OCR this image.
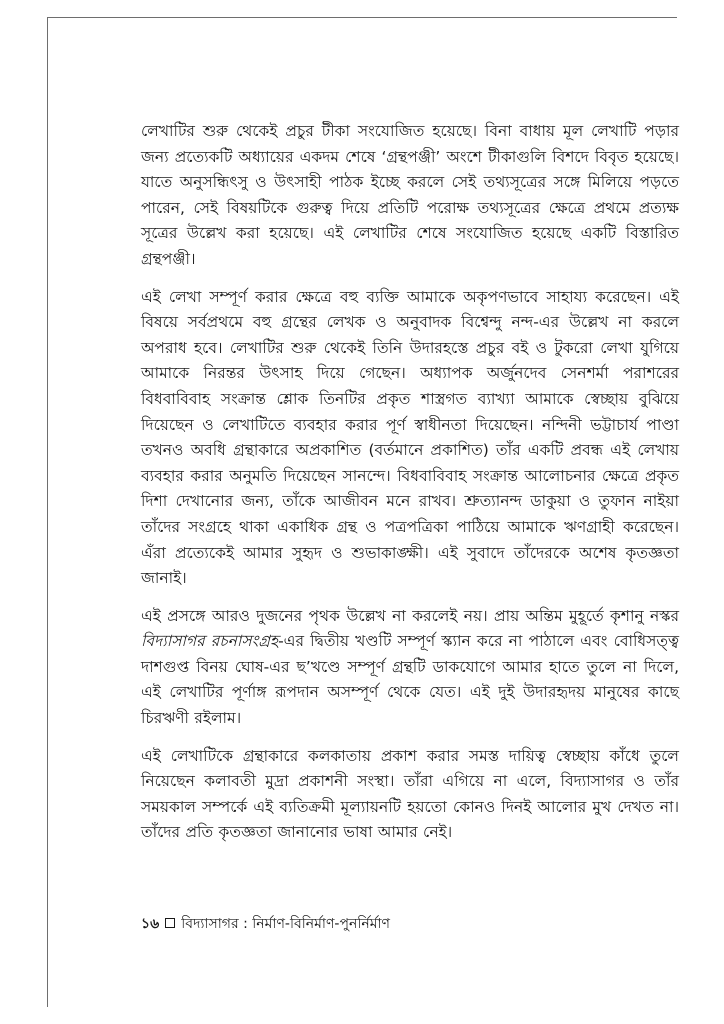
লেখাটির শুরু থেকেই প্রচুর টীকা সংযোজিত হয়েছে। বিনা বাধায় মূল লেখাটি পড়ার জন্য প্রত্যেকটি অধ্যায়ের একদম শেষে ‘গ্রন্থপঞ্জী’ অংশে টীকাগুলি বিশদে বিবৃত হয়েছে। যাতে অনুসন্ধিৎসু ও উৎসাহী পাঠক ইচ্ছে করলে সেই তথ্যসূত্রের সঙ্গে মিলিয়ে পড়তে পারেন, সেই বিষয়টিকে গুরুত্ব দিয়ে প্রতিটি পরোক্ষ তথ্যসূত্রের ক্ষেত্রে প্রথমে প্রত্যক্ষ সূত্রের উল্লেখ করা হয়েছে। এই লেখাটির শেষে সংযোজিত হয়েছে একটি বিস্তারিত গ্রন্থপঞ্জী।

এই লেখা সম্পূর্ণ করার ক্ষেত্রে বহু ব্যক্তি আমাকে অকৃপণভাবে সাহায্য করেছেন। এই বিষয়ে সর্বপ্রথমে বহু গ্রন্থের লেখক ও অনুবাদক বিশ্বেন্দু নন্দ-এর উল্লেখ না করলে অপরাধ হবে। লেখাটির শুরু থেকেই তিনি উদারহস্তে প্রচুর বই ও টুকরো লেখা যুগিয়ে আমাকে নিরন্তর উৎসাহ দিয়ে গেছেন। অধ্যাপক অর্জুনদেব সেনশর্মা পরাশরের বিধবাবিবাহ সংক্রান্ত শ্লোক তিনটির প্রকৃত শাস্ত্রগত ব্যাখ্যা আমাকে স্বেচ্ছায় বুঝিয়ে দিয়েছেন ও লেখাটিতে ব্যবহার করার পূর্ণ স্বাধীনতা দিয়েছেন। নন্দিনী ভট্টাচার্য পাণ্ডা তখনও অবধি গ্রন্থাকারে অপ্রকাশিত (বর্তমানে প্রকাশিত) তাঁর একটি প্রবন্ধ এই লেখায় ব্যবহার করার অনুমতি দিয়েছেন সানন্দে। বিধবাবিবাহ সংক্রান্ত আলোচনার ক্ষেত্রে প্রকৃত দিশা দেখানোর জন্য, তাঁকে আজীবন মনে রাখব। শ্রুত্যানন্দ ডাকুয়া ও তুফান নাইয়া তাঁদের সংগ্রহে থাকা একাধিক গ্রন্থ ও পত্রপত্রিকা পাঠিয়ে আমাকে ঋণগ্রাহী করেছেন। এঁরা প্রত্যেকেই আমার সুহৃদ ও শুভাকাঙ্ক্ষী। এই সুবাদে তাঁদেরকে অশেষ কৃতজ্ঞতা জানাই।

এই প্রসঙ্গে আরও দুজনের পৃথক উল্লেখ না করলেই নয়। প্রায় অন্তিম মুহূর্তে কৃশানু নস্কর বিদ্যাসাগর রচনাসংগ্রহ-এর দ্বিতীয় খণ্ডটি সম্পূর্ণ স্ক্যান করে না পাঠালে এবং বোধিসত্ত্ব দাশগুপ্ত বিনয় ঘোষ-এর ছ’খণ্ডে সম্পূর্ণ গ্রন্থটি ডাকযোগে আমার হাতে তুলে না দিলে, এই লেখাটির পূর্ণাঙ্গ রূপদান অসম্পূর্ণ থেকে যেত। এই দুই উদারহৃদয় মানুষের কাছে চিরঋণী রইলাম।

এই লেখাটিকে গ্রন্থাকারে কলকাতায় প্রকাশ করার সমস্ত দায়িত্ব স্বেচ্ছায় কাঁধে তুলে নিয়েছেন কলাবতী মুদ্রা প্রকাশনী সংস্থা। তাঁরা এগিয়ে না এলে, বিদ্যাসাগর ও তাঁর সময়কাল সম্পর্কে এই ব্যতিক্রমী মূল্যায়নটি হয়তো কোনও দিনই আলোর মুখ দেখত না। তাঁদের প্রতি কৃতজ্ঞতা জানানোর ভাষা আমার নেই।

১৬ বিদ্যাসাগর : নির্মাণ-বিনির্মাণ-পুনর্নির্মাণ
